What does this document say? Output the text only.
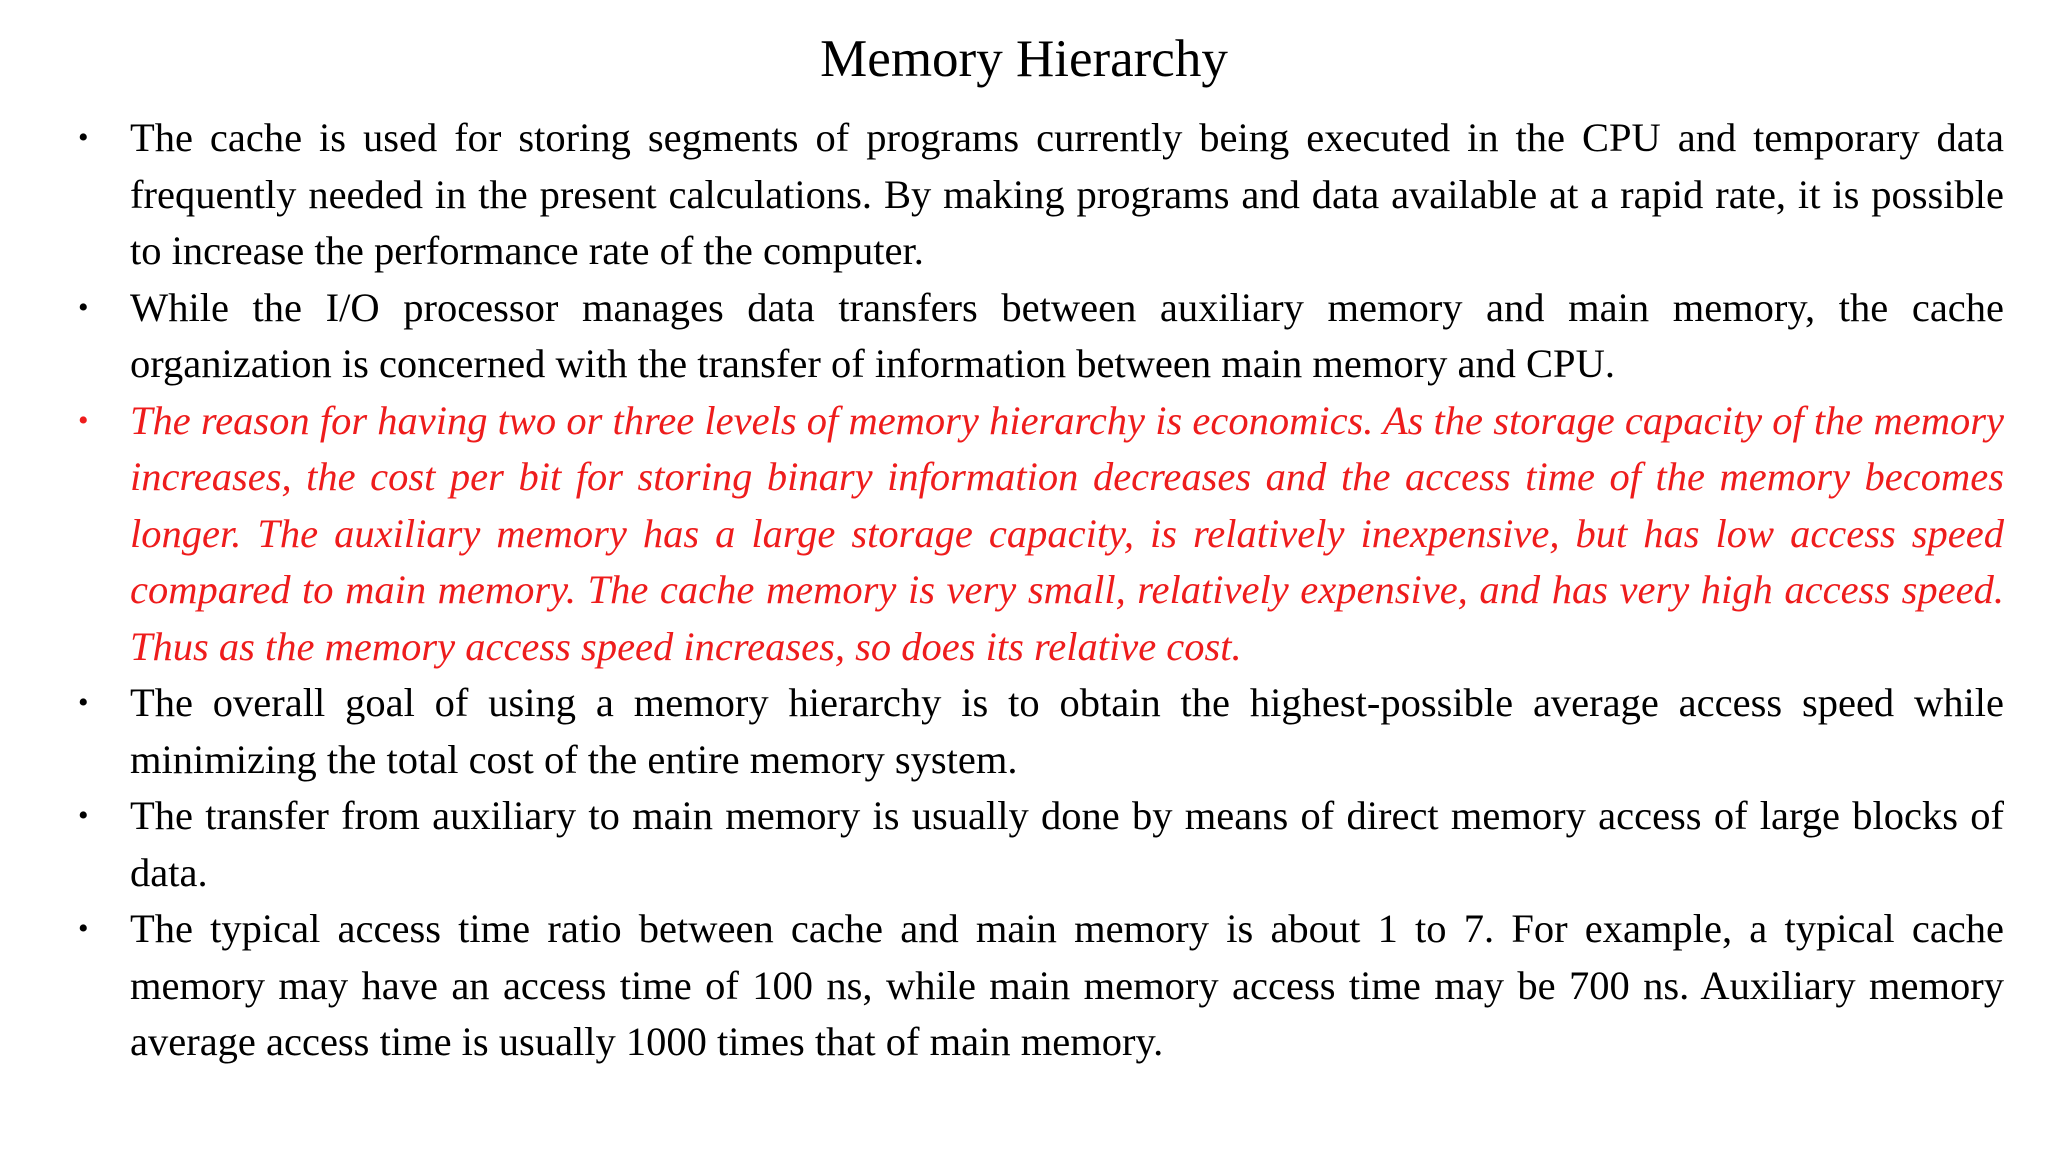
Memory Hierarchy
•	The cache is used for storing segments of programs currently being executed in the CPU and temporary data frequently needed in the present calculations. By making programs and data available at a rapid rate, it is possible to increase the performance rate of the computer.

•	While the I/O processor manages data transfers between auxiliary memory and main memory, the cache organization is concerned with the transfer of information between main memory and CPU.

•	The reason for having two or three levels of memory hierarchy is economics. As the storage capacity of the memory increases, the cost per bit for storing binary information decreases and the access time of the memory becomes longer. The auxiliary memory has a large storage capacity, is relatively inexpensive, but has low access speed compared to main memory. The cache memory is very small, relatively expensive, and has very high access speed. Thus as the memory access speed increases, so does its relative cost.

•	The overall goal of using a memory hierarchy is to obtain the highest-possible average access speed while minimizing the total cost of the entire memory system.

•	The transfer from auxiliary to main memory is usually done by means of direct memory access of large blocks of data.

•	The typical access time ratio between cache and main memory is about 1 to 7. For example, a typical cache memory may have an access time of 100 ns, while main memory access time may be 700 ns. Auxiliary memory average access time is usually 1000 times that of main memory.
